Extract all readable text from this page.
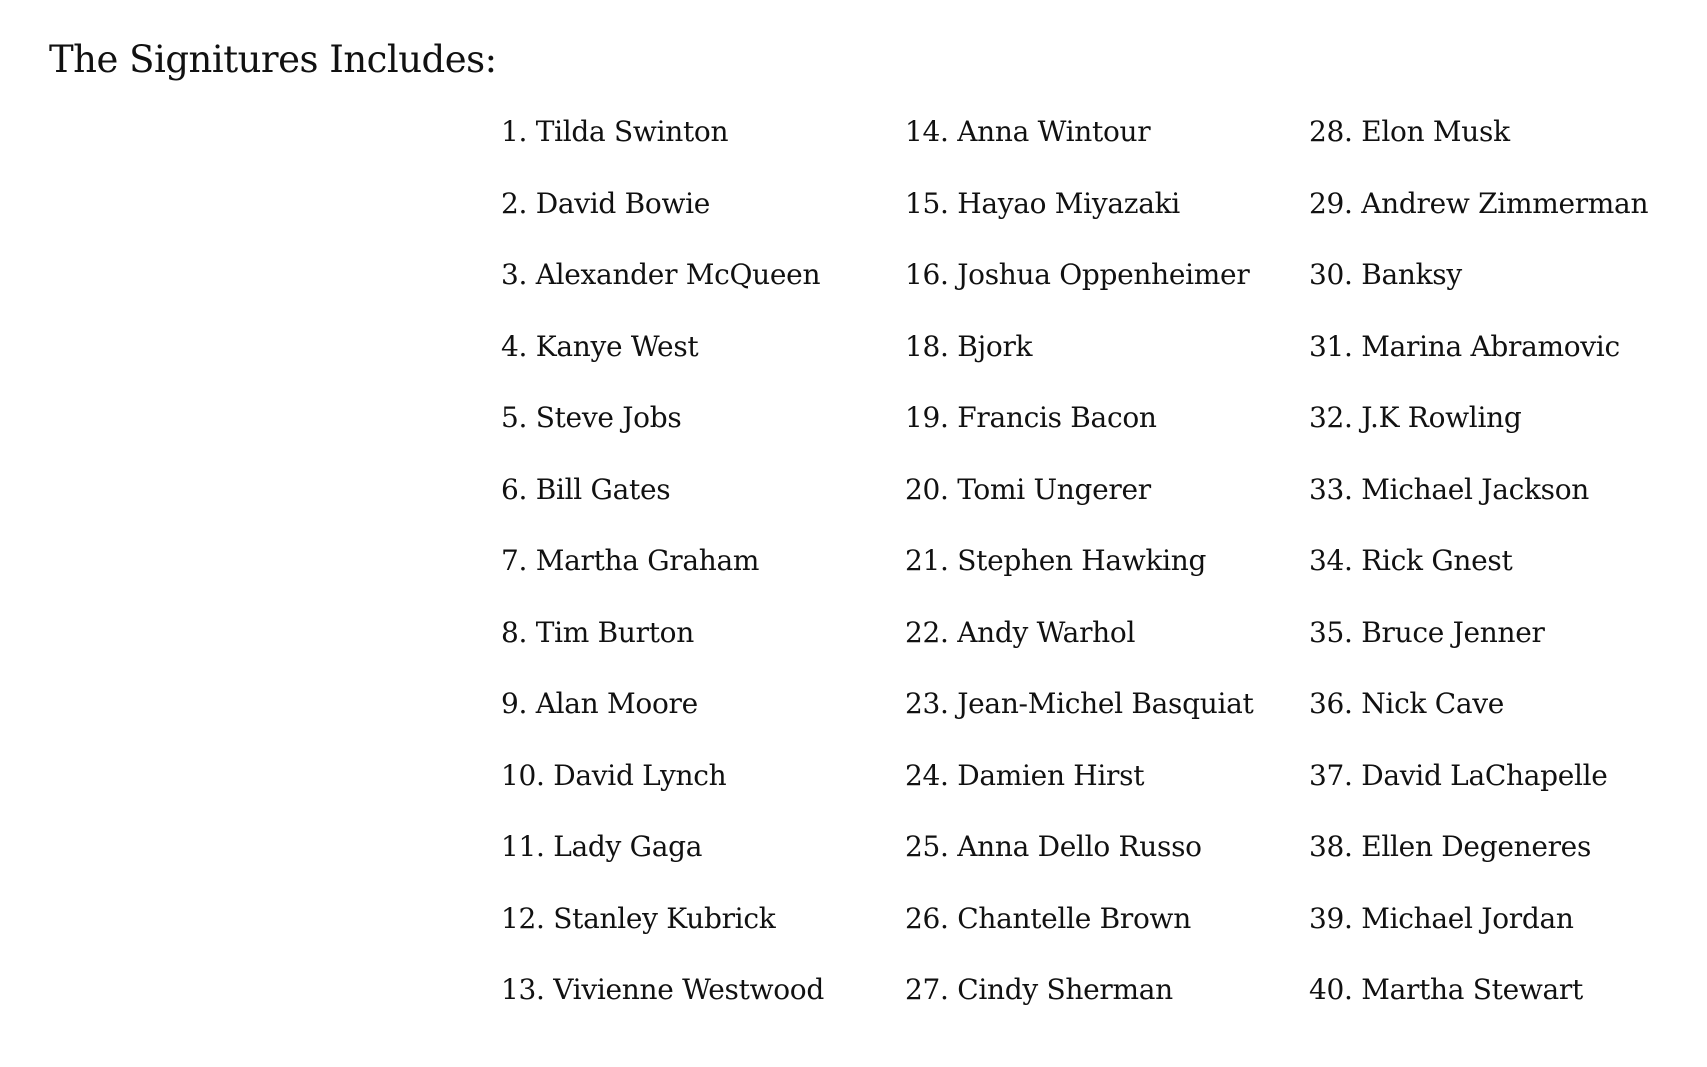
The Signitures Includes:
1. Tilda Swinton
2. David Bowie
3. Alexander McQueen
4. Kanye West
5. Steve Jobs
6. Bill Gates
7. Martha Graham
8. Tim Burton
9. Alan Moore
10. David Lynch
11. Lady Gaga
12. Stanley Kubrick
13. Vivienne Westwood
14. Anna Wintour
15. Hayao Miyazaki
16. Joshua Oppenheimer
18. Bjork
19. Francis Bacon
20. Tomi Ungerer
21. Stephen Hawking
22. Andy Warhol
23. Jean-Michel Basquiat
24. Damien Hirst
25. Anna Dello Russo
26. Chantelle Brown
27. Cindy Sherman
28. Elon Musk
29. Andrew Zimmerman
30. Banksy
31. Marina Abramovic
32. J.K Rowling
33. Michael Jackson
34. Rick Gnest
35. Bruce Jenner
36. Nick Cave
37. David LaChapelle
38. Ellen Degeneres
39. Michael Jordan
40. Martha Stewart
